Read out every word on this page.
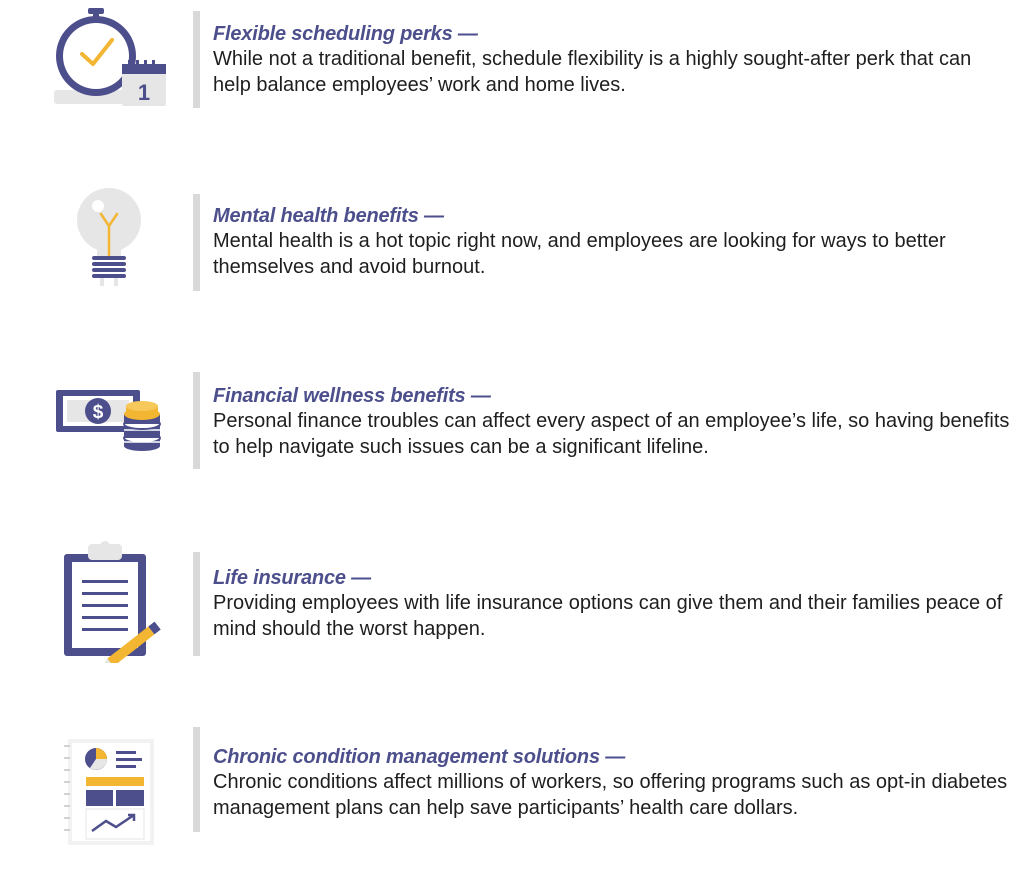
1
Flexible scheduling perks —
While not a traditional benefit, schedule flexibility is a highly sought-after perk that can help balance employees’ work and home lives.
Mental health benefits —
Mental health is a hot topic right now, and employees are looking for ways to better themselves and avoid burnout.
$
Financial wellness benefits —
Personal finance troubles can affect every aspect of an employee’s life, so having benefits to help navigate such issues can be a significant lifeline.
Life insurance —
Providing employees with life insurance options can give them and their families peace of mind should the worst happen.
Chronic condition management solutions —
Chronic conditions affect millions of workers, so offering programs such as opt-in diabetes management plans can help save participants’ health care dollars.
